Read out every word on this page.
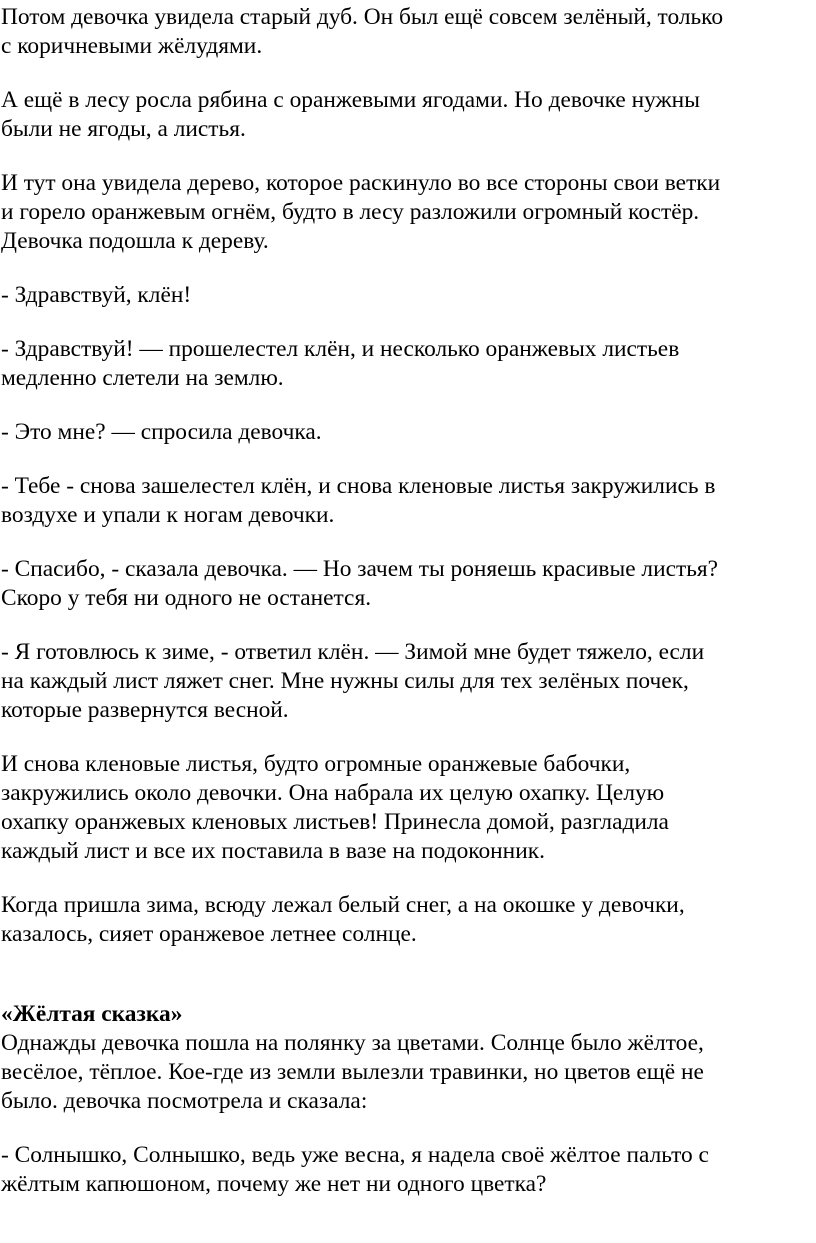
Потом девочка увидела старый дуб. Он был ещё совсем зелёный, только
с коричневыми жёлудями.

А ещё в лесу росла рябина с оранжевыми ягодами. Но девочке нужны
были не ягоды, а листья.

И тут она увидела дерево, которое раскинуло во все стороны свои ветки
и горело оранжевым огнём, будто в лесу разложили огромный костёр.
Девочка подошла к дереву.

- Здравствуй, клён!

- Здравствуй! — прошелестел клён, и несколько оранжевых листьев
медленно слетели на землю.

- Это мне? — спросила девочка.

- Тебе - снова зашелестел клён, и снова кленовые листья закружились в
воздухе и упали к ногам девочки.

- Спасибо, - сказала девочка. — Но зачем ты роняешь красивые листья?
Скоро у тебя ни одного не останется.

- Я готовлюсь к зиме, - ответил клён. — Зимой мне будет тяжело, если
на каждый лист ляжет снег. Мне нужны силы для тех зелёных почек,
которые развернутся весной.

И снова кленовые листья, будто огромные оранжевые бабочки,
закружились около девочки. Она набрала их целую охапку. Целую
охапку оранжевых кленовых листьев! Принесла домой, разгладила
каждый лист и все их поставила в вазе на подоконник.

Когда пришла зима, всюду лежал белый снег, а на окошке у девочки,
казалось, сияет оранжевое летнее солнце.

«Жёлтая сказка»

Однажды девочка пошла на полянку за цветами. Солнце было жёлтое,
весёлое, тёплое. Кое-где из земли вылезли травинки, но цветов ещё не
было. девочка посмотрела и сказала:

- Солнышко, Солнышко, ведь уже весна, я надела своё жёлтое пальто с
жёлтым капюшоном, почему же нет ни одного цветка?
